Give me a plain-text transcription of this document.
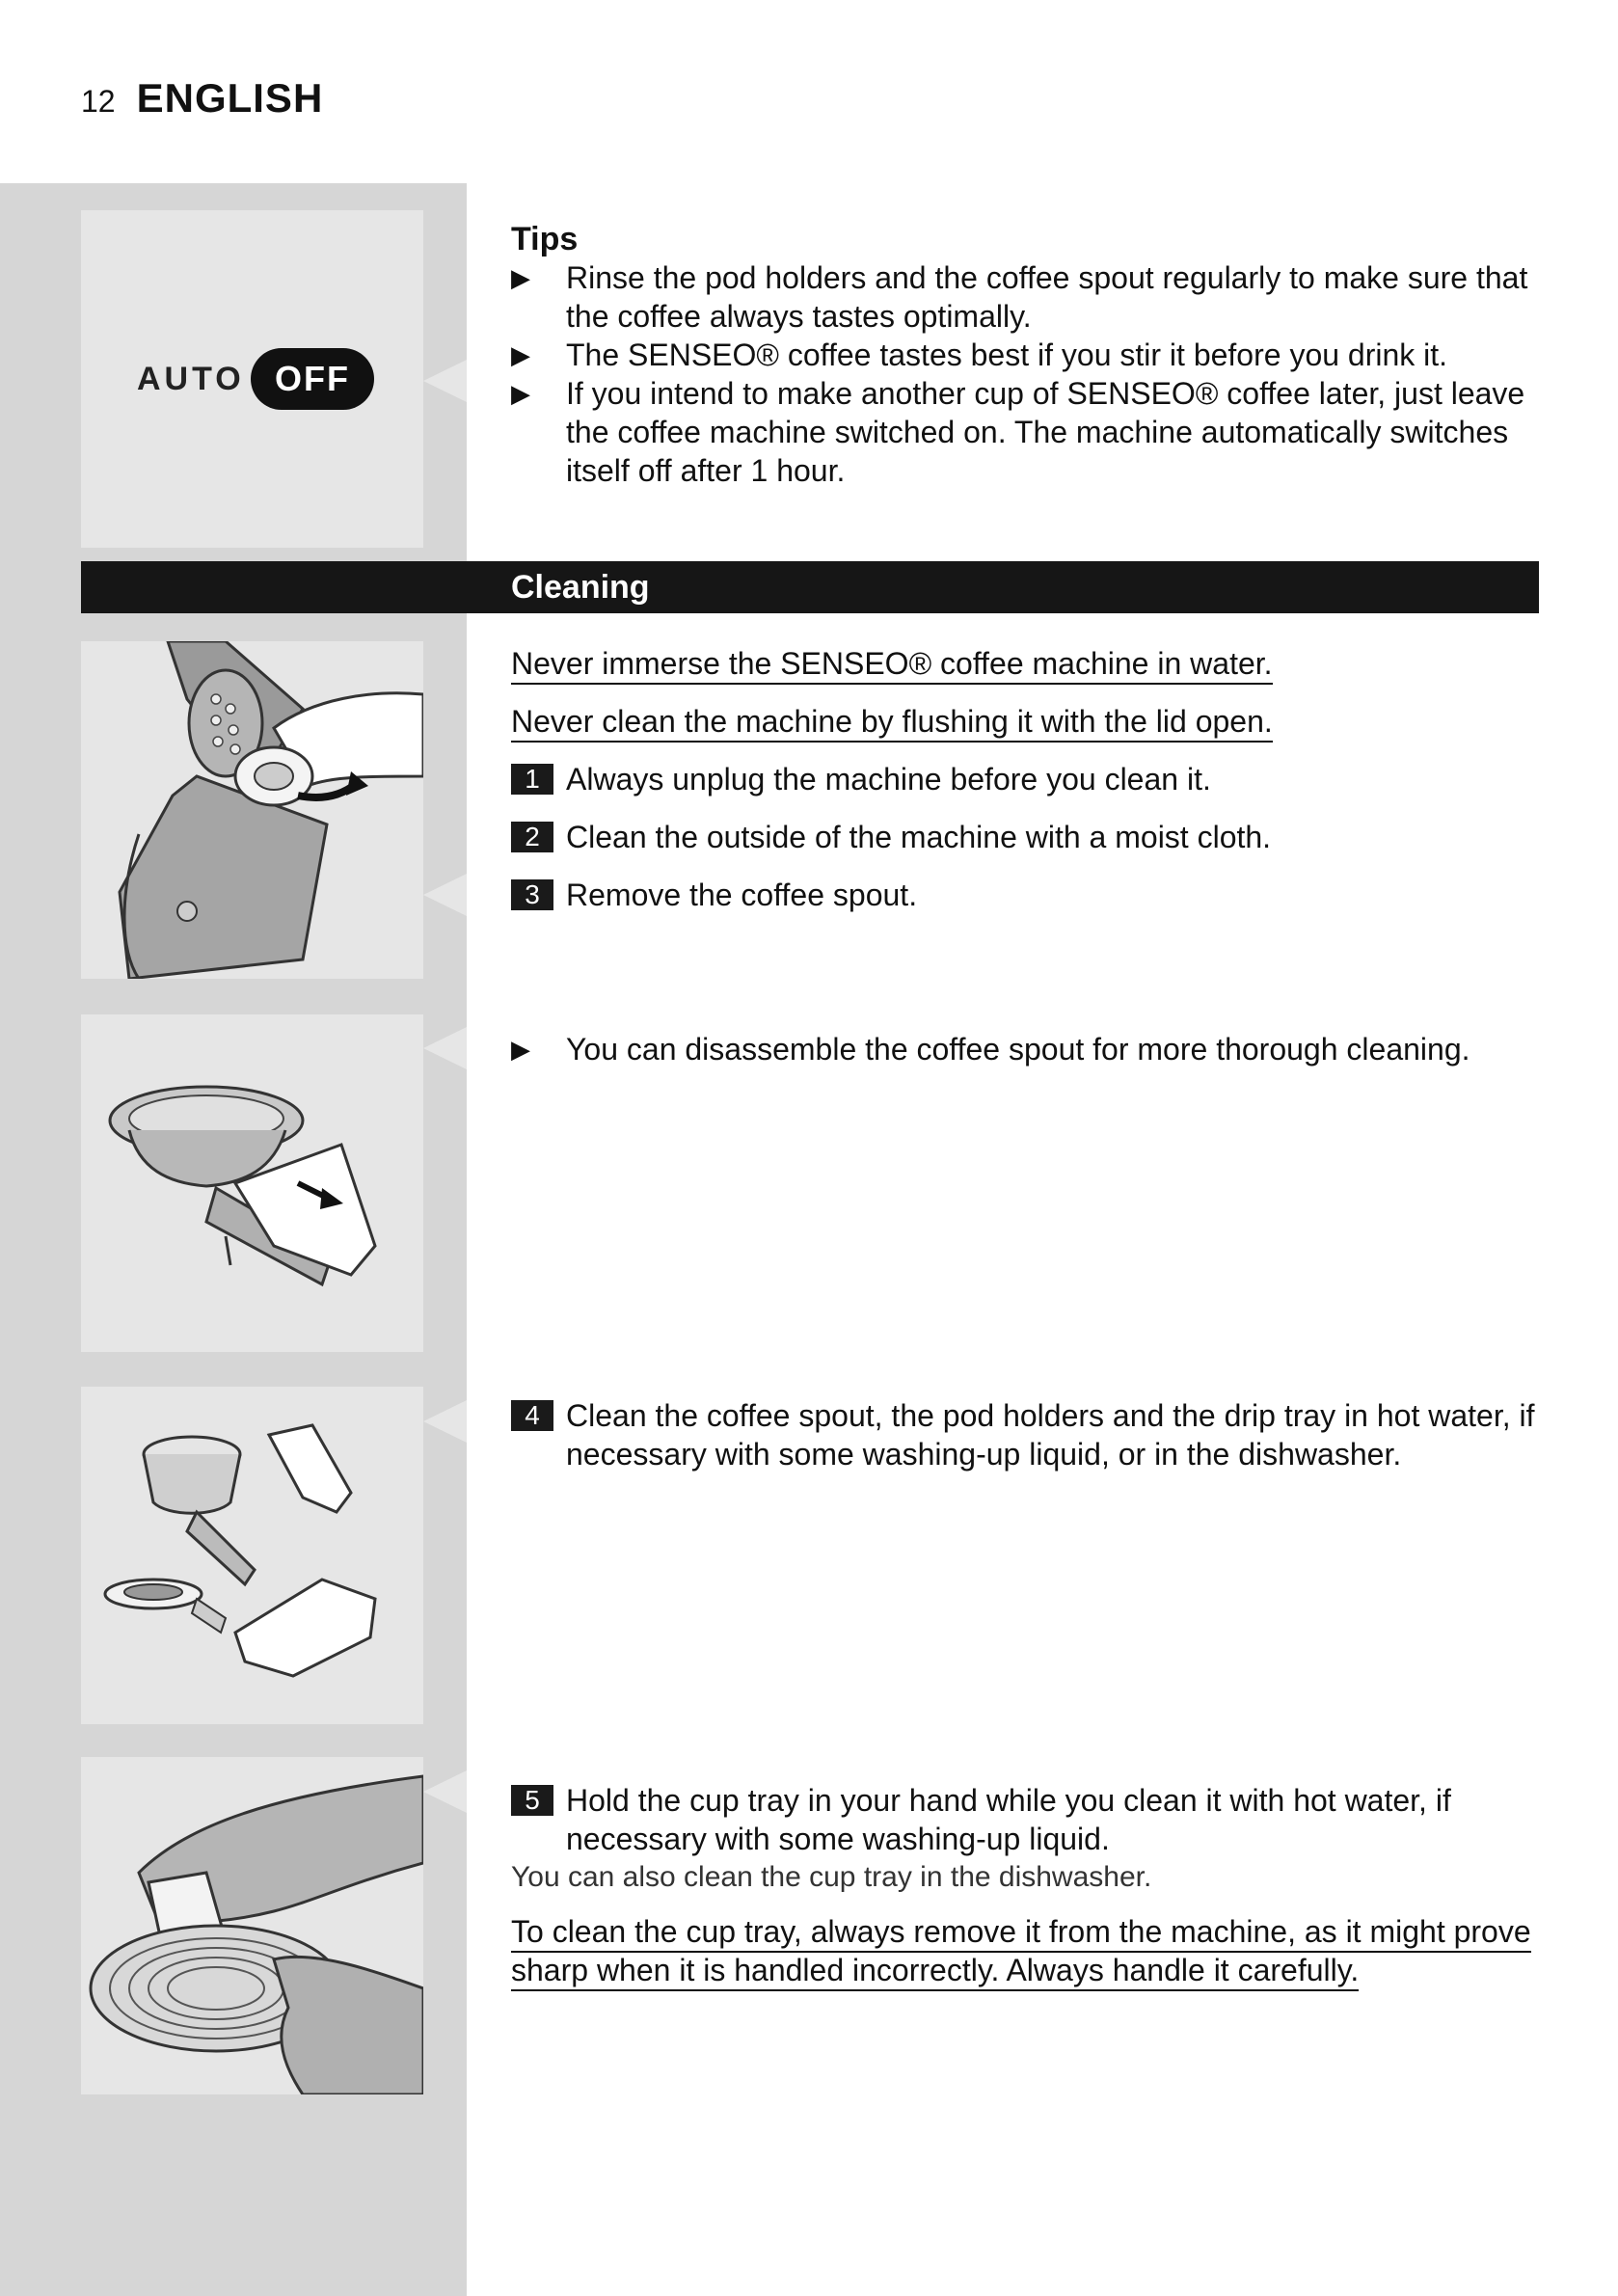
12 ENGLISH
AUTO OFF
Tips
▶ Rinse the pod holders and the coffee spout regularly to make sure that the coffee always tastes optimally.
▶ The SENSEO® coffee tastes best if you stir it before you drink it.
▶ If you intend to make another cup of SENSEO® coffee later, just leave the coffee machine switched on. The machine automatically switches itself off after 1 hour.
Cleaning
Never immerse the SENSEO® coffee machine in water.
Never clean the machine by flushing it with the lid open.
1 Always unplug the machine before you clean it.
2 Clean the outside of the machine with a moist cloth.
3 Remove the coffee spout.
▶ You can disassemble the coffee spout for more thorough cleaning.
4 Clean the coffee spout, the pod holders and the drip tray in hot water, if necessary with some washing-up liquid, or in the dishwasher.
5 Hold the cup tray in your hand while you clean it with hot water, if necessary with some washing-up liquid.
You can also clean the cup tray in the dishwasher.
To clean the cup tray, always remove it from the machine, as it might prove sharp when it is handled incorrectly. Always handle it carefully.
